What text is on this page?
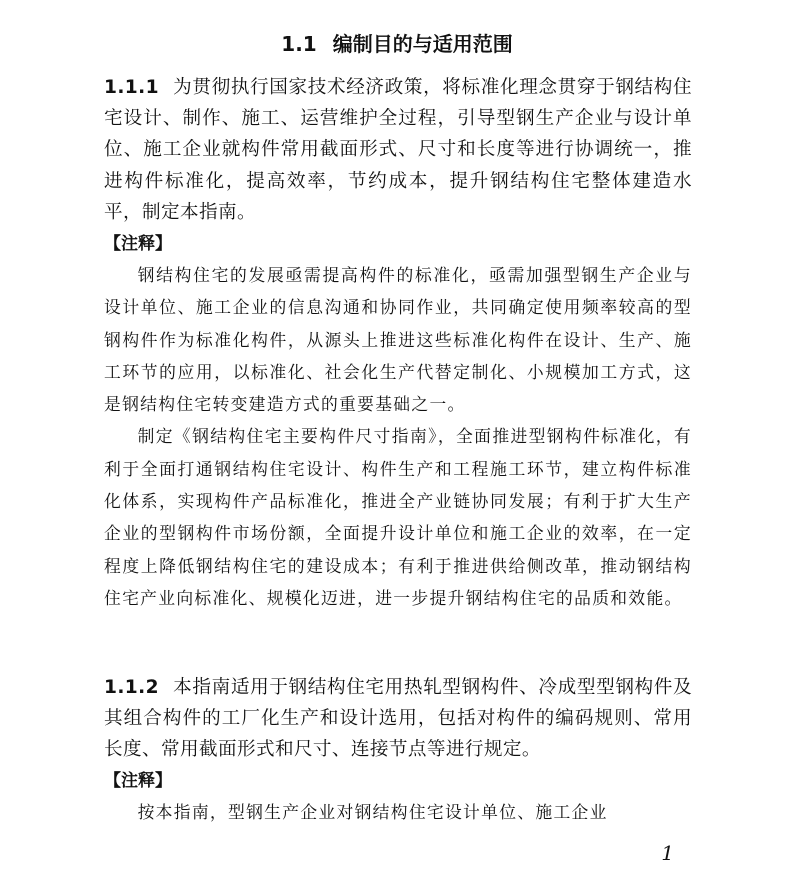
1.1 编制目的与适用范围

1.1.1 为贯彻执行国家技术经济政策，将标准化理念贯穿于钢结构住宅设计、制作、施工、运营维护全过程，引导型钢生产企业与设计单位、施工企业就构件常用截面形式、尺寸和长度等进行协调统一，推进构件标准化，提高效率，节约成本，提升钢结构住宅整体建造水平，制定本指南。

【注释】

钢结构住宅的发展亟需提高构件的标准化，亟需加强型钢生产企业与设计单位、施工企业的信息沟通和协同作业，共同确定使用频率较高的型钢构件作为标准化构件，从源头上推进这些标准化构件在设计、生产、施工环节的应用，以标准化、社会化生产代替定制化、小规模加工方式，这是钢结构住宅转变建造方式的重要基础之一。

制定《钢结构住宅主要构件尺寸指南》，全面推进型钢构件标准化，有利于全面打通钢结构住宅设计、构件生产和工程施工环节，建立构件标准化体系，实现构件产品标准化，推进全产业链协同发展；有利于扩大生产企业的型钢构件市场份额，全面提升设计单位和施工企业的效率，在一定程度上降低钢结构住宅的建设成本；有利于推进供给侧改革，推动钢结构住宅产业向标准化、规模化迈进，进一步提升钢结构住宅的品质和效能。

1.1.2 本指南适用于钢结构住宅用热轧型钢构件、冷成型型钢构件及其组合构件的工厂化生产和设计选用，包括对构件的编码规则、常用长度、常用截面形式和尺寸、连接节点等进行规定。

【注释】

按本指南，型钢生产企业对钢结构住宅设计单位、施工企业

1
